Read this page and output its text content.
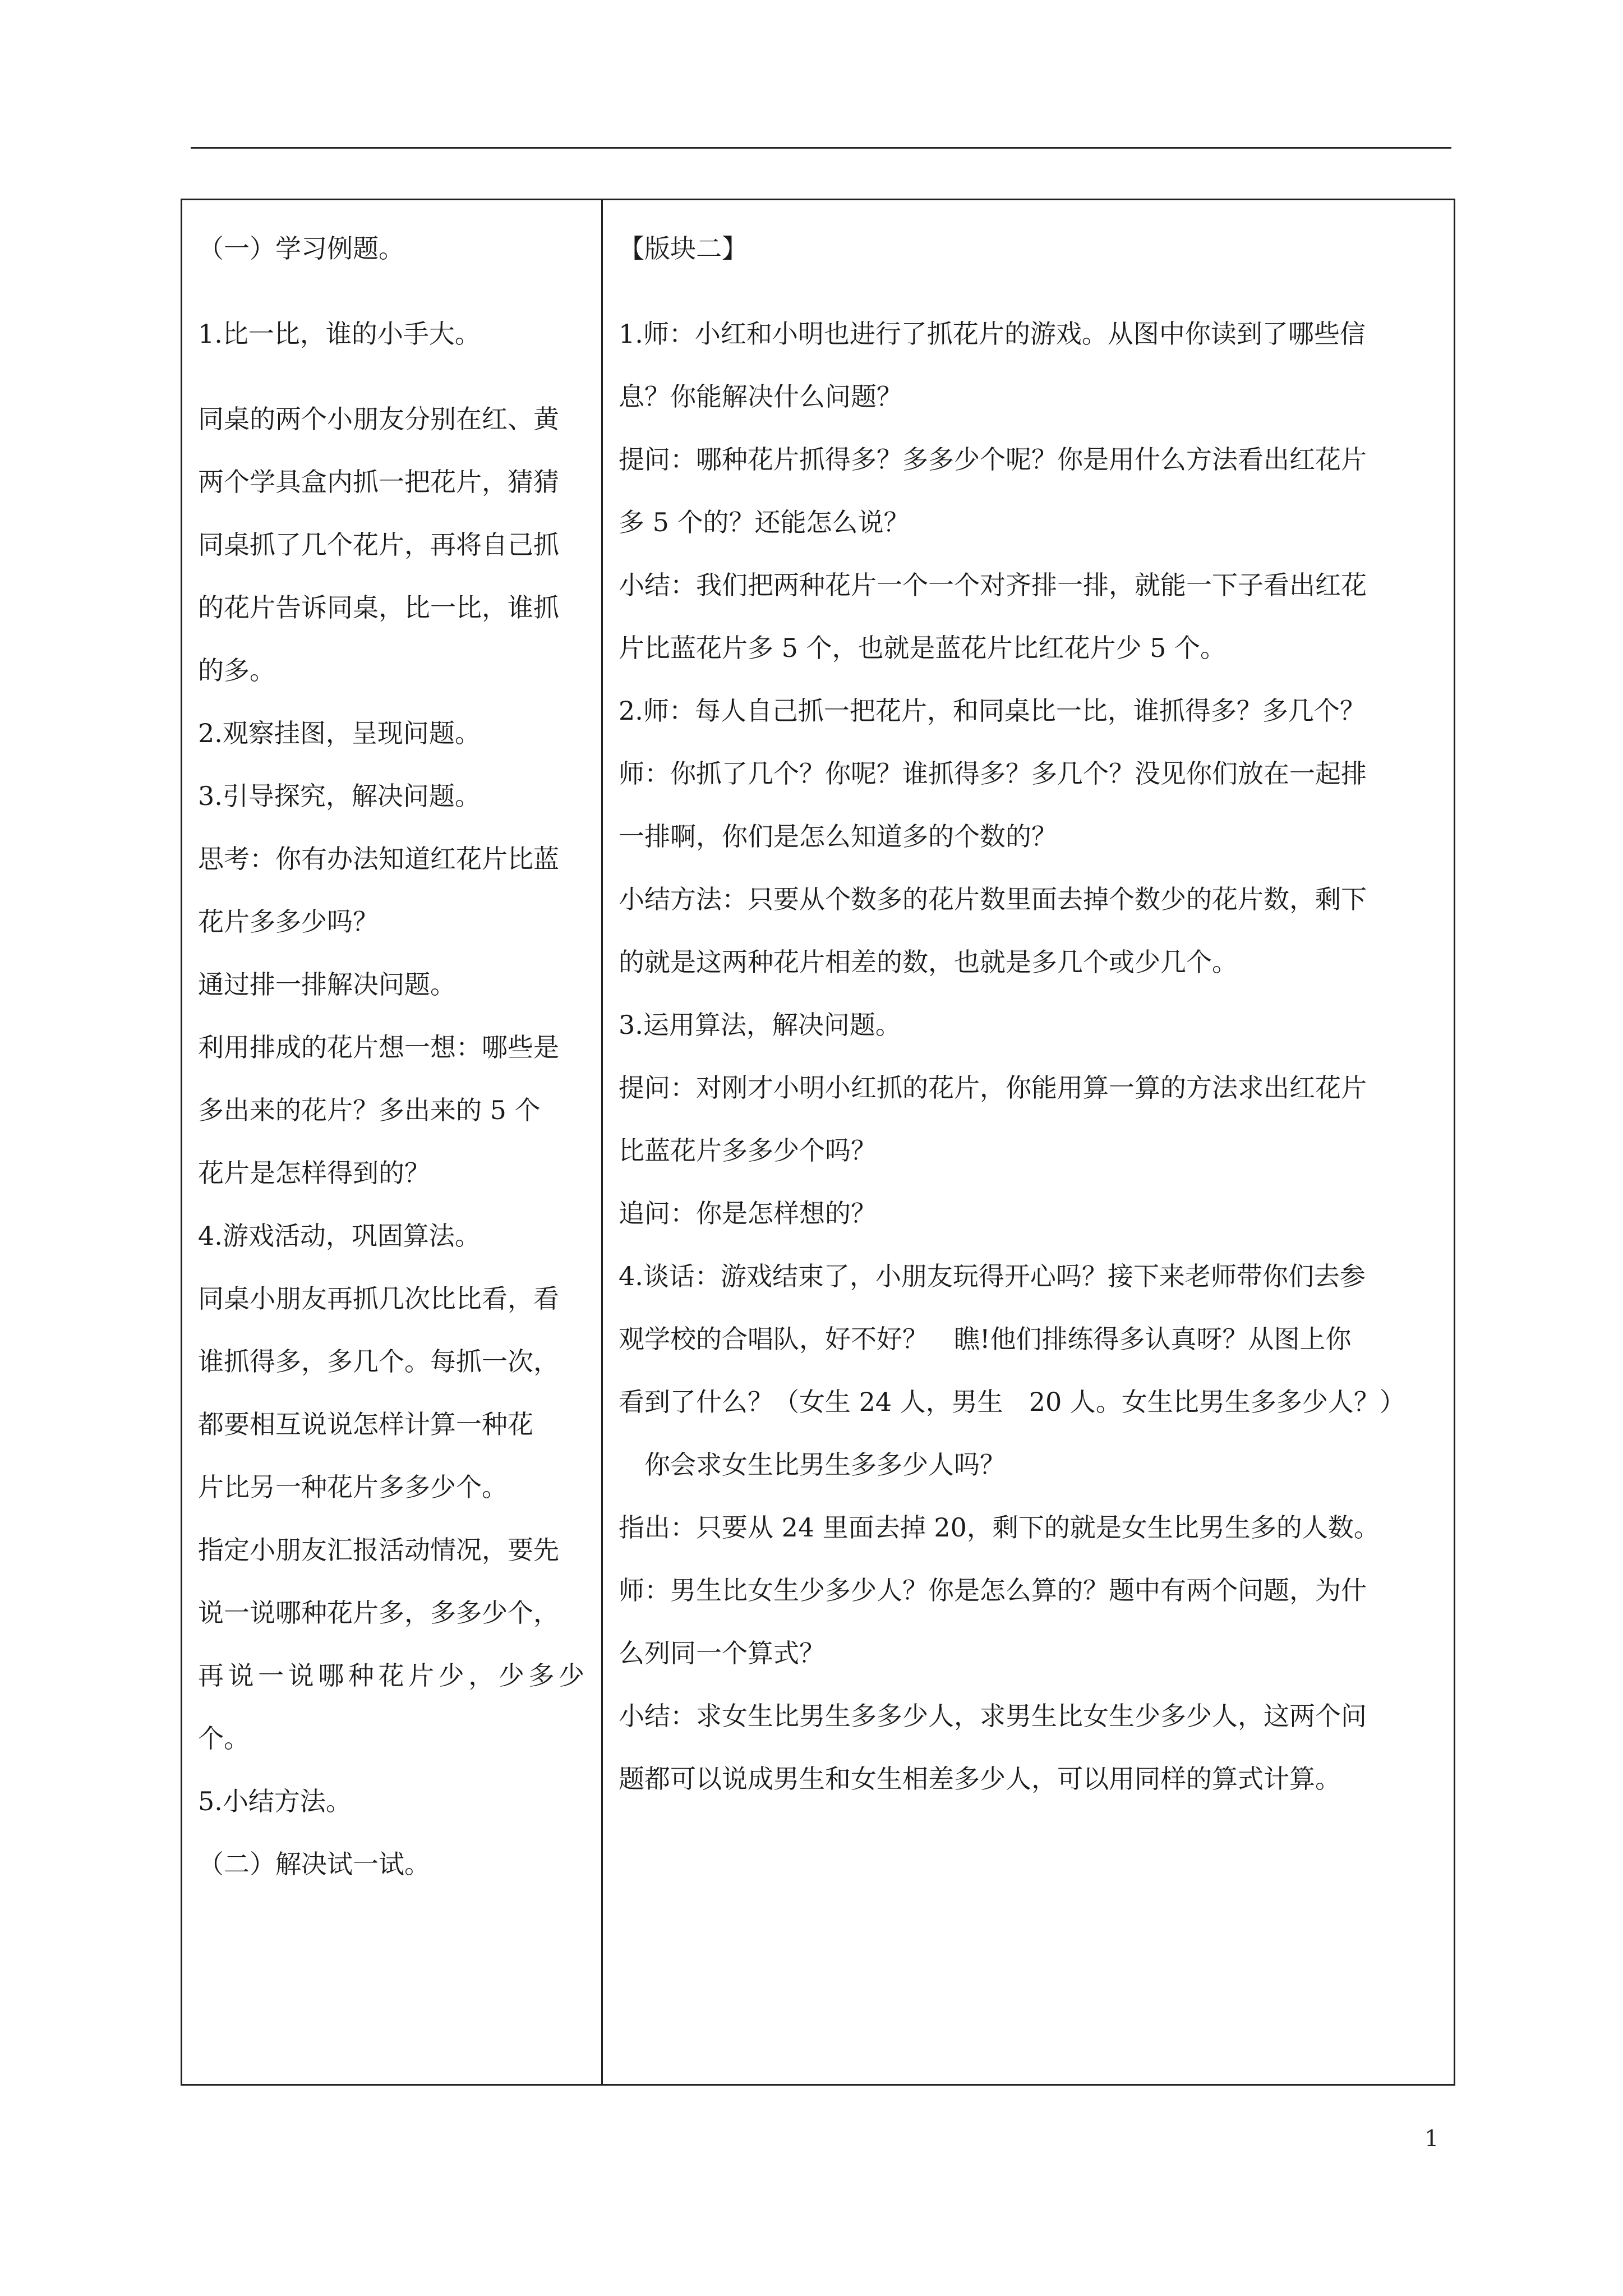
（一）学习例题。

1.比一比，谁的小手大。

同桌的两个小朋友分别在红、黄

两个学具盒内抓一把花片，猜猜

同桌抓了几个花片，再将自己抓

的花片告诉同桌，比一比，谁抓

的多。

2.观察挂图，呈现问题。

3.引导探究，解决问题。

思考：你有办法知道红花片比蓝

花片多多少吗？

通过排一排解决问题。

利用排成的花片想一想：哪些是

多出来的花片？多出来的 5 个

花片是怎样得到的？

4.游戏活动，巩固算法。

同桌小朋友再抓几次比比看，看

谁抓得多，多几个。每抓一次，

都要相互说说怎样计算一种花

片比另一种花片多多少个。

指定小朋友汇报活动情况，要先

说一说哪种花片多，多多少个，

再说一说哪种花片少，少多少个。

5.小结方法。

（二）解决试一试。

【版块二】

1.师：小红和小明也进行了抓花片的游戏。从图中你读到了哪些信

息？你能解决什么问题？

提问：哪种花片抓得多？多多少个呢？你是用什么方法看出红花片

多 5 个的？还能怎么说？

小结：我们把两种花片一个一个对齐排一排，就能一下子看出红花

片比蓝花片多 5 个，也就是蓝花片比红花片少 5 个。

2.师：每人自己抓一把花片，和同桌比一比，谁抓得多？多几个？

师：你抓了几个？你呢？谁抓得多？多几个？没见你们放在一起排

一排啊，你们是怎么知道多的个数的？

小结方法：只要从个数多的花片数里面去掉个数少的花片数，剩下

的就是这两种花片相差的数，也就是多几个或少几个。

3.运用算法，解决问题。

提问：对刚才小明小红抓的花片，你能用算一算的方法求出红花片

比蓝花片多多少个吗？

追问：你是怎样想的？

4.谈话：游戏结束了，小朋友玩得开心吗？接下来老师带你们去参

观学校的合唱队，好不好？　瞧!他们排练得多认真呀？从图上你

看到了什么？（女生 24 人，男生　20 人。女生比男生多多少人？）

　你会求女生比男生多多少人吗？

指出：只要从 24 里面去掉 20，剩下的就是女生比男生多的人数。

师：男生比女生少多少人？你是怎么算的？题中有两个问题，为什

么列同一个算式？

小结：求女生比男生多多少人，求男生比女生少多少人，这两个问

题都可以说成男生和女生相差多少人，可以用同样的算式计算。

1
